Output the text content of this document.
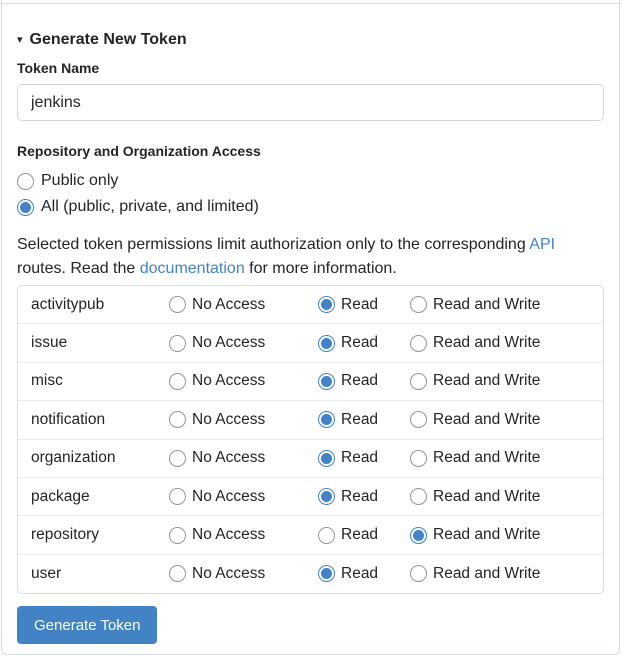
▾ Generate New Token
Token Name
jenkins
Repository and Organization Access
Public only
All (public, private, and limited)
Selected token permissions limit authorization only to the corresponding API routes. Read the documentation for more information.
activitypub	No Access	Read	Read and Write
issue	No Access	Read	Read and Write
misc	No Access	Read	Read and Write
notification	No Access	Read	Read and Write
organization	No Access	Read	Read and Write
package	No Access	Read	Read and Write
repository	No Access	Read	Read and Write
user	No Access	Read	Read and Write
Generate Token
